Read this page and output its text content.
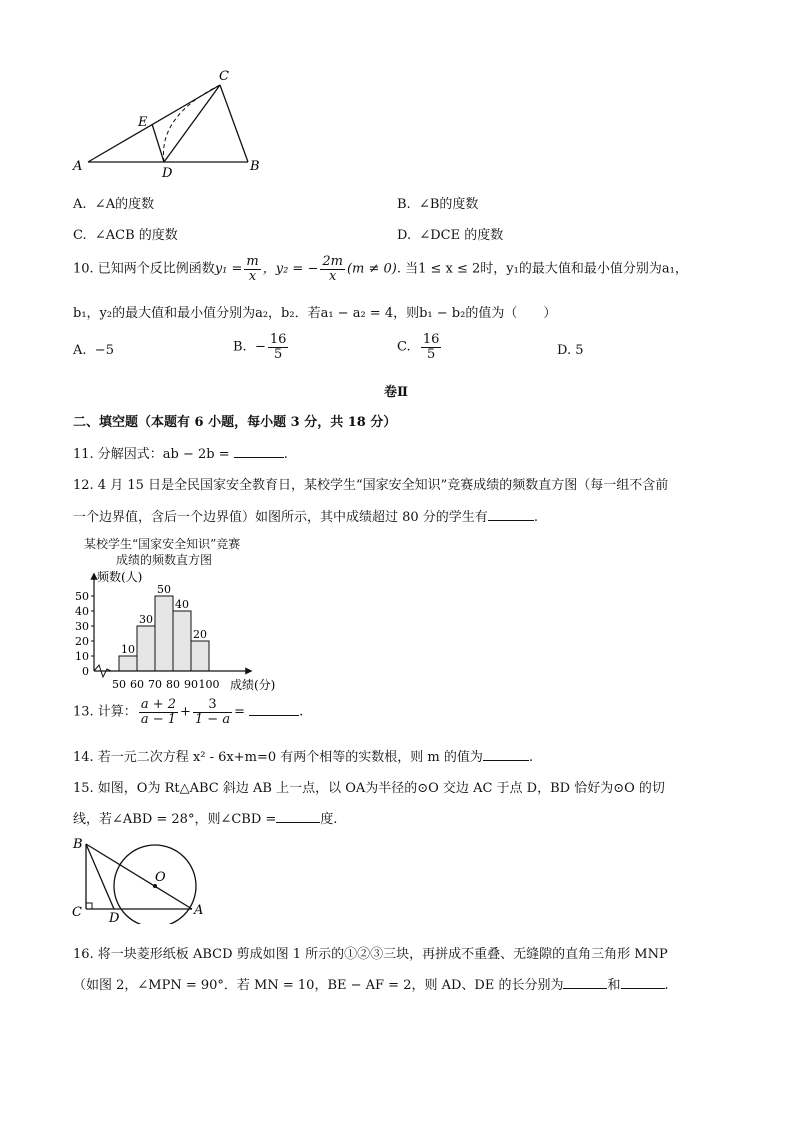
A	B
C
D
E
A. ∠A的度数	B. ∠B的度数
C. ∠ACB 的度数	D. ∠DCE 的度数
10. 已知两个反比例函数$y_1 = \frac{m}{x}$ ，y₂ = − $\frac{2m}{x} (m \ne 0)$. 当1 ≤ x ≤ 2时，y₁的最大值和最小值分别为a₁，
b₁，y₂的最大值和最小值分别为a₂，b₂．若a₁ − a₂ = 4，则b₁ − b₂的值为（　　）
A. −5	B. − $\frac{16}{5}$	C. $\frac{16}{5}$	D. 5
卷Ⅱ
二、填空题（本题有 6 小题，每小题 3 分，共 18 分）
11. 分解因式：ab − 2b =	.
12. 4 月 15 日是全民国家安全教育日，某校学生“国家安全知识”竞赛成绩的频数直方图（每一组不含前
一个边界值，含后一个边界值）如图所示，其中成绩超过 80 分的学生有	.
某校学生“国家安全知识”竞赛
成绩的频数直方图
10
30
50
40
20
0
10
20
30
40
50
50 60 70 80 90 100
频数(人)
成绩(分)
13. 计算： $\frac{a + 2}{a - 1} + \frac{3}{1 - a}$ =	.
14. 若一元二次方程 x² - 6x+m=0 有两个相等的实数根，则 m 的值为	.
15. 如图，O为 Rt△ABC 斜边 AB 上一点，以 OA为半径的⊙O 交边 AC 于点 D，BD 恰好为⊙O 的切
线，若∠ABD = 28°，则∠CBD =	度.
B
C D
A
O
16. 将一块菱形纸板 ABCD 剪成如图 1 所示的①②③三块，再拼成不重叠、无缝隙的直角三角形 MNP
（如图 2，∠MPN = 90°．若 MN = 10，BE − AF = 2，则 AD、DE 的长分别为	和	.
